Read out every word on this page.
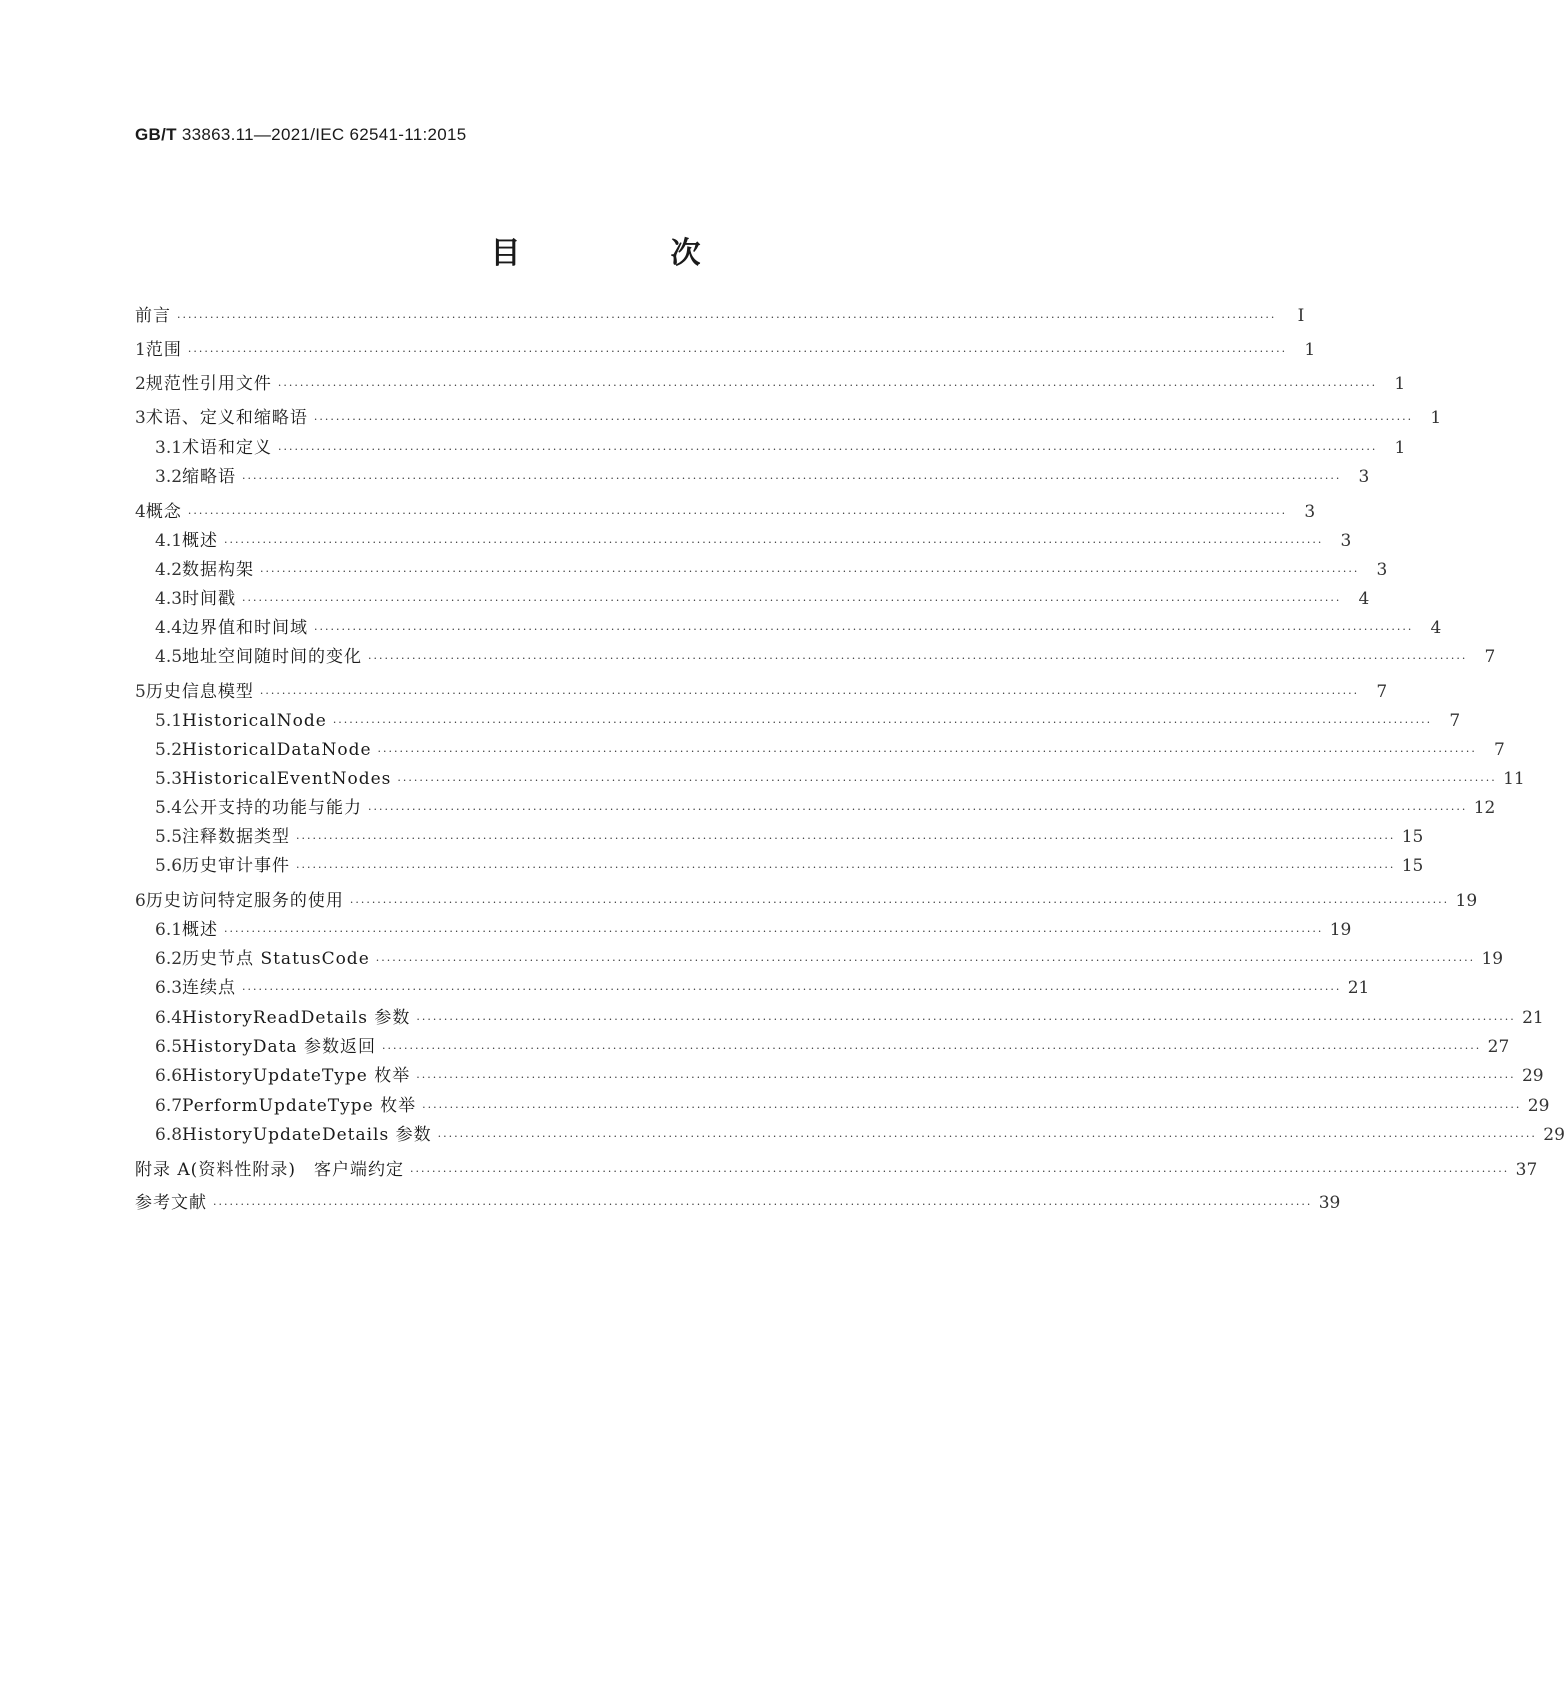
GB/T 33863.11—2021/IEC 62541-11:2015
目　次
前言 ········································································································································································································	Ⅰ
1 范围 ········································································································································································································	1
2 规范性引用文件 ········································································································································································································	1
3 术语、定义和缩略语 ········································································································································································································	1
3.1 术语和定义 ········································································································································································································	1
3.2 缩略语 ········································································································································································································	3
4 概念 ········································································································································································································	3
4.1 概述 ········································································································································································································	3
4.2 数据构架 ········································································································································································································	3
4.3 时间戳 ········································································································································································································	4
4.4 边界值和时间域 ········································································································································································································	4
4.5 地址空间随时间的变化 ········································································································································································································	7
5 历史信息模型 ········································································································································································································	7
5.1 HistoricalNode ········································································································································································································	7
5.2 HistoricalDataNode ········································································································································································································	7
5.3 HistoricalEventNodes ········································································································································································································ 11
5.4 公开支持的功能与能力 ········································································································································································································ 12
5.5 注释数据类型 ········································································································································································································ 15
5.6 历史审计事件 ········································································································································································································ 15
6 历史访问特定服务的使用 ········································································································································································································ 19
6.1 概述 ········································································································································································································ 19
6.2 历史节点 StatusCode ········································································································································································································ 19
6.3 连续点 ········································································································································································································ 21
6.4 HistoryReadDetails 参数 ········································································································································································································ 21
6.5 HistoryData 参数返回 ········································································································································································································ 27
6.6 HistoryUpdateType 枚举 ········································································································································································································ 29
6.7 PerformUpdateType 枚举 ········································································································································································································ 29
6.8 HistoryUpdateDetails 参数 ········································································································································································································ 29
附录 A(资料性附录)　客户端约定 ········································································································································································································ 37
参考文献 ········································································································································································································ 39
